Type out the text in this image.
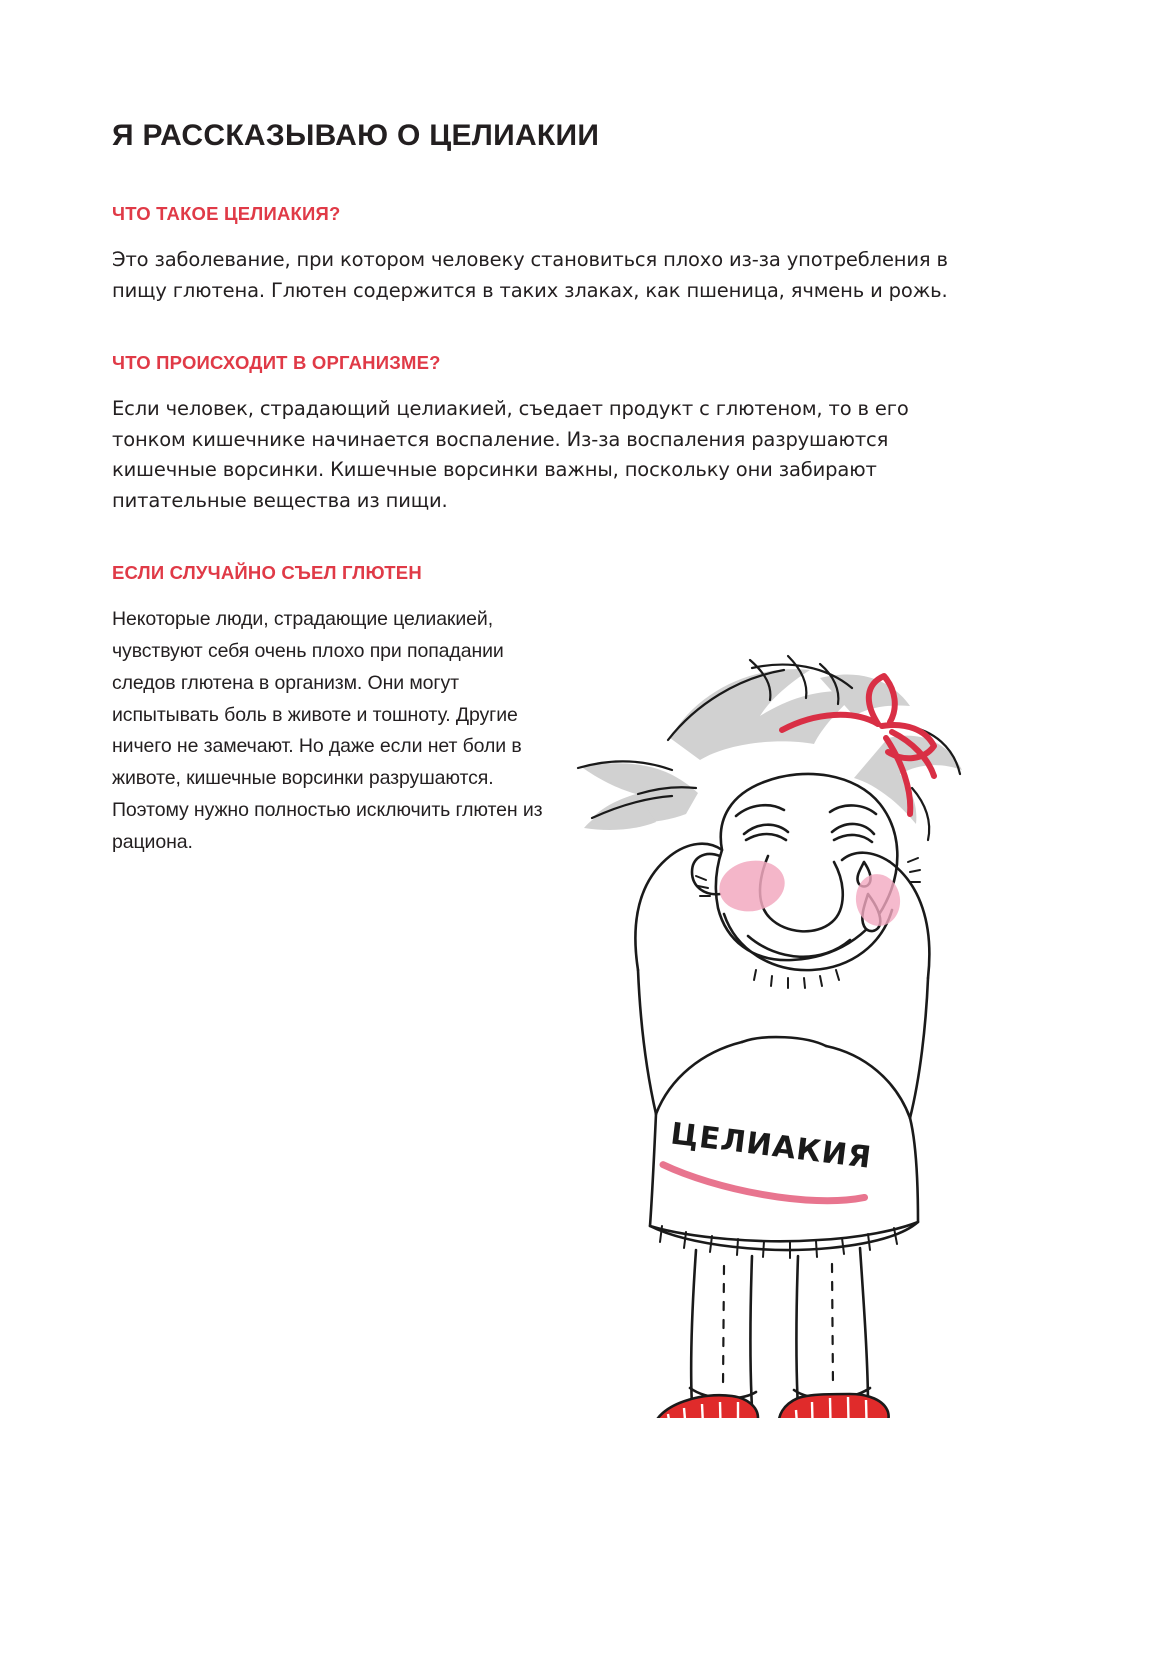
Я РАССКАЗЫВАЮ О ЦЕЛИАКИИ
ЧТО ТАКОЕ ЦЕЛИАКИЯ?

Это заболевание, при котором человеку становиться плохо из-за употребления в пищу глютена. Глютен содержится в таких злаках, как пшеница, ячмень и рожь.

ЧТО ПРОИСХОДИТ В ОРГАНИЗМЕ?

Если человек, страдающий целиакией, съедает продукт с глютеном, то в его тонком кишечнике начинается воспаление. Из-за воспаления разрушаются кишечные ворсинки. Кишечные ворсинки важны, поскольку они забирают питательные вещества из пищи.

ЕСЛИ СЛУЧАЙНО СЪЕЛ ГЛЮТЕН

Некоторые люди, страдающие целиакией, чувствуют себя очень плохо при попадании следов глютена в организм. Они могут испытывать боль в животе и тошноту. Другие ничего не замечают. Но даже если нет боли в животе, кишечные ворсинки разрушаются. Поэтому нужно полностью исключить глютен из рациона.

ЦЕЛИАКИЯ
